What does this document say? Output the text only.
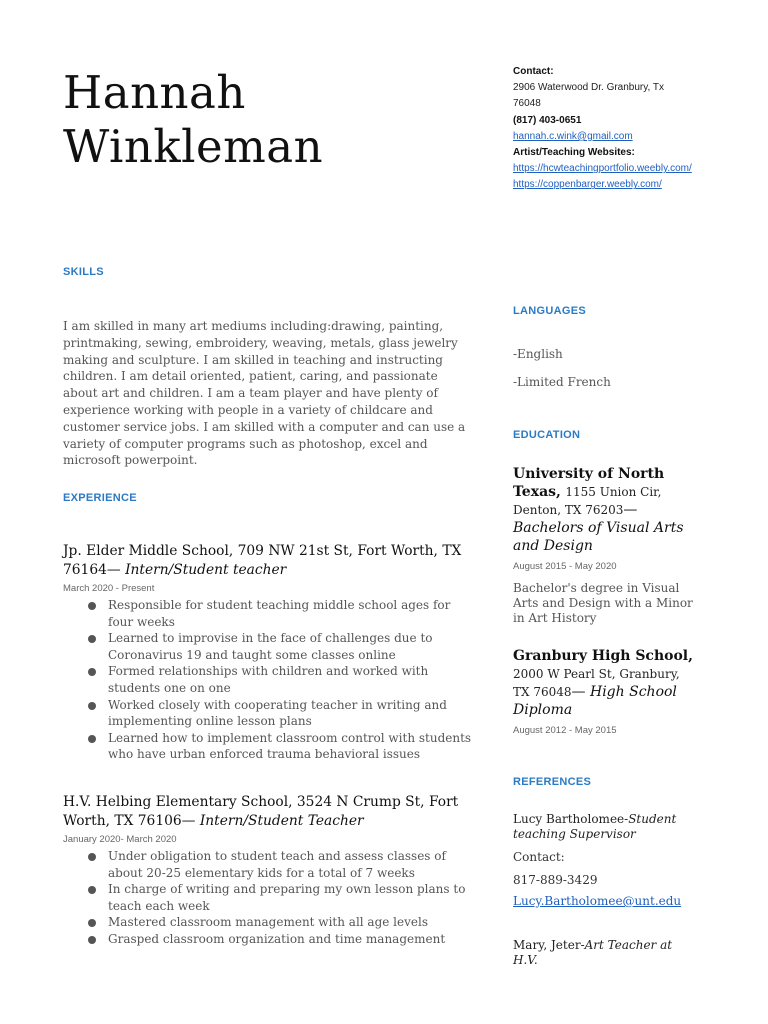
Hannah
Winkleman
Contact:
2906 Waterwood Dr. Granbury, Tx 76048
(817) 403-0651
hannah.c.wink@gmail.com
Artist/Teaching Websites:
https://hcwteachingportfolio.weebly.com/
https://coppenbarger.weebly.com/
SKILLS

I am skilled in many art mediums including:drawing, painting, printmaking, sewing, embroidery, weaving, metals, glass jewelry making and sculpture. I am skilled in teaching and instructing children. I am detail oriented, patient, caring, and passionate about art and children. I am a team player and have plenty of experience working with people in a variety of childcare and customer service jobs. I am skilled with a computer and can use a variety of computer programs such as photoshop, excel and microsoft powerpoint.

EXPERIENCE
Jp. Elder Middle School, 709 NW 21st St, Fort Worth, TX 76164— Intern/Student teacher
March 2020 - Present
Responsible for student teaching middle school ages for four weeks
Learned to improvise in the face of challenges due to Coronavirus 19 and taught some classes online
Formed relationships with children and worked with students one on one
Worked closely with cooperating teacher in writing and implementing online lesson plans
Learned how to implement classroom control with students who have urban enforced trauma behavioral issues
H.V. Helbing Elementary School, 3524 N Crump St, Fort Worth, TX 76106— Intern/Student Teacher
January 2020- March 2020
Under obligation to student teach and assess classes of about 20-25 elementary kids for a total of 7 weeks
In charge of writing and preparing my own lesson plans to teach each week
Mastered classroom management with all age levels
Grasped classroom organization and time management
LANGUAGES
-English
-Limited French
EDUCATION
University of North Texas, 1155 Union Cir, Denton, TX 76203— Bachelors of Visual Arts and Design
August 2015 - May 2020
Bachelor's degree in Visual Arts and Design with a Minor in Art History
Granbury High School, 2000 W Pearl St, Granbury, TX 76048— High School Diploma
August 2012 - May 2015
REFERENCES
Lucy Bartholomee-Student teaching Supervisor
Contact:
817-889-3429
Lucy.Bartholomee@unt.edu
Mary, Jeter-Art Teacher at H.V.
